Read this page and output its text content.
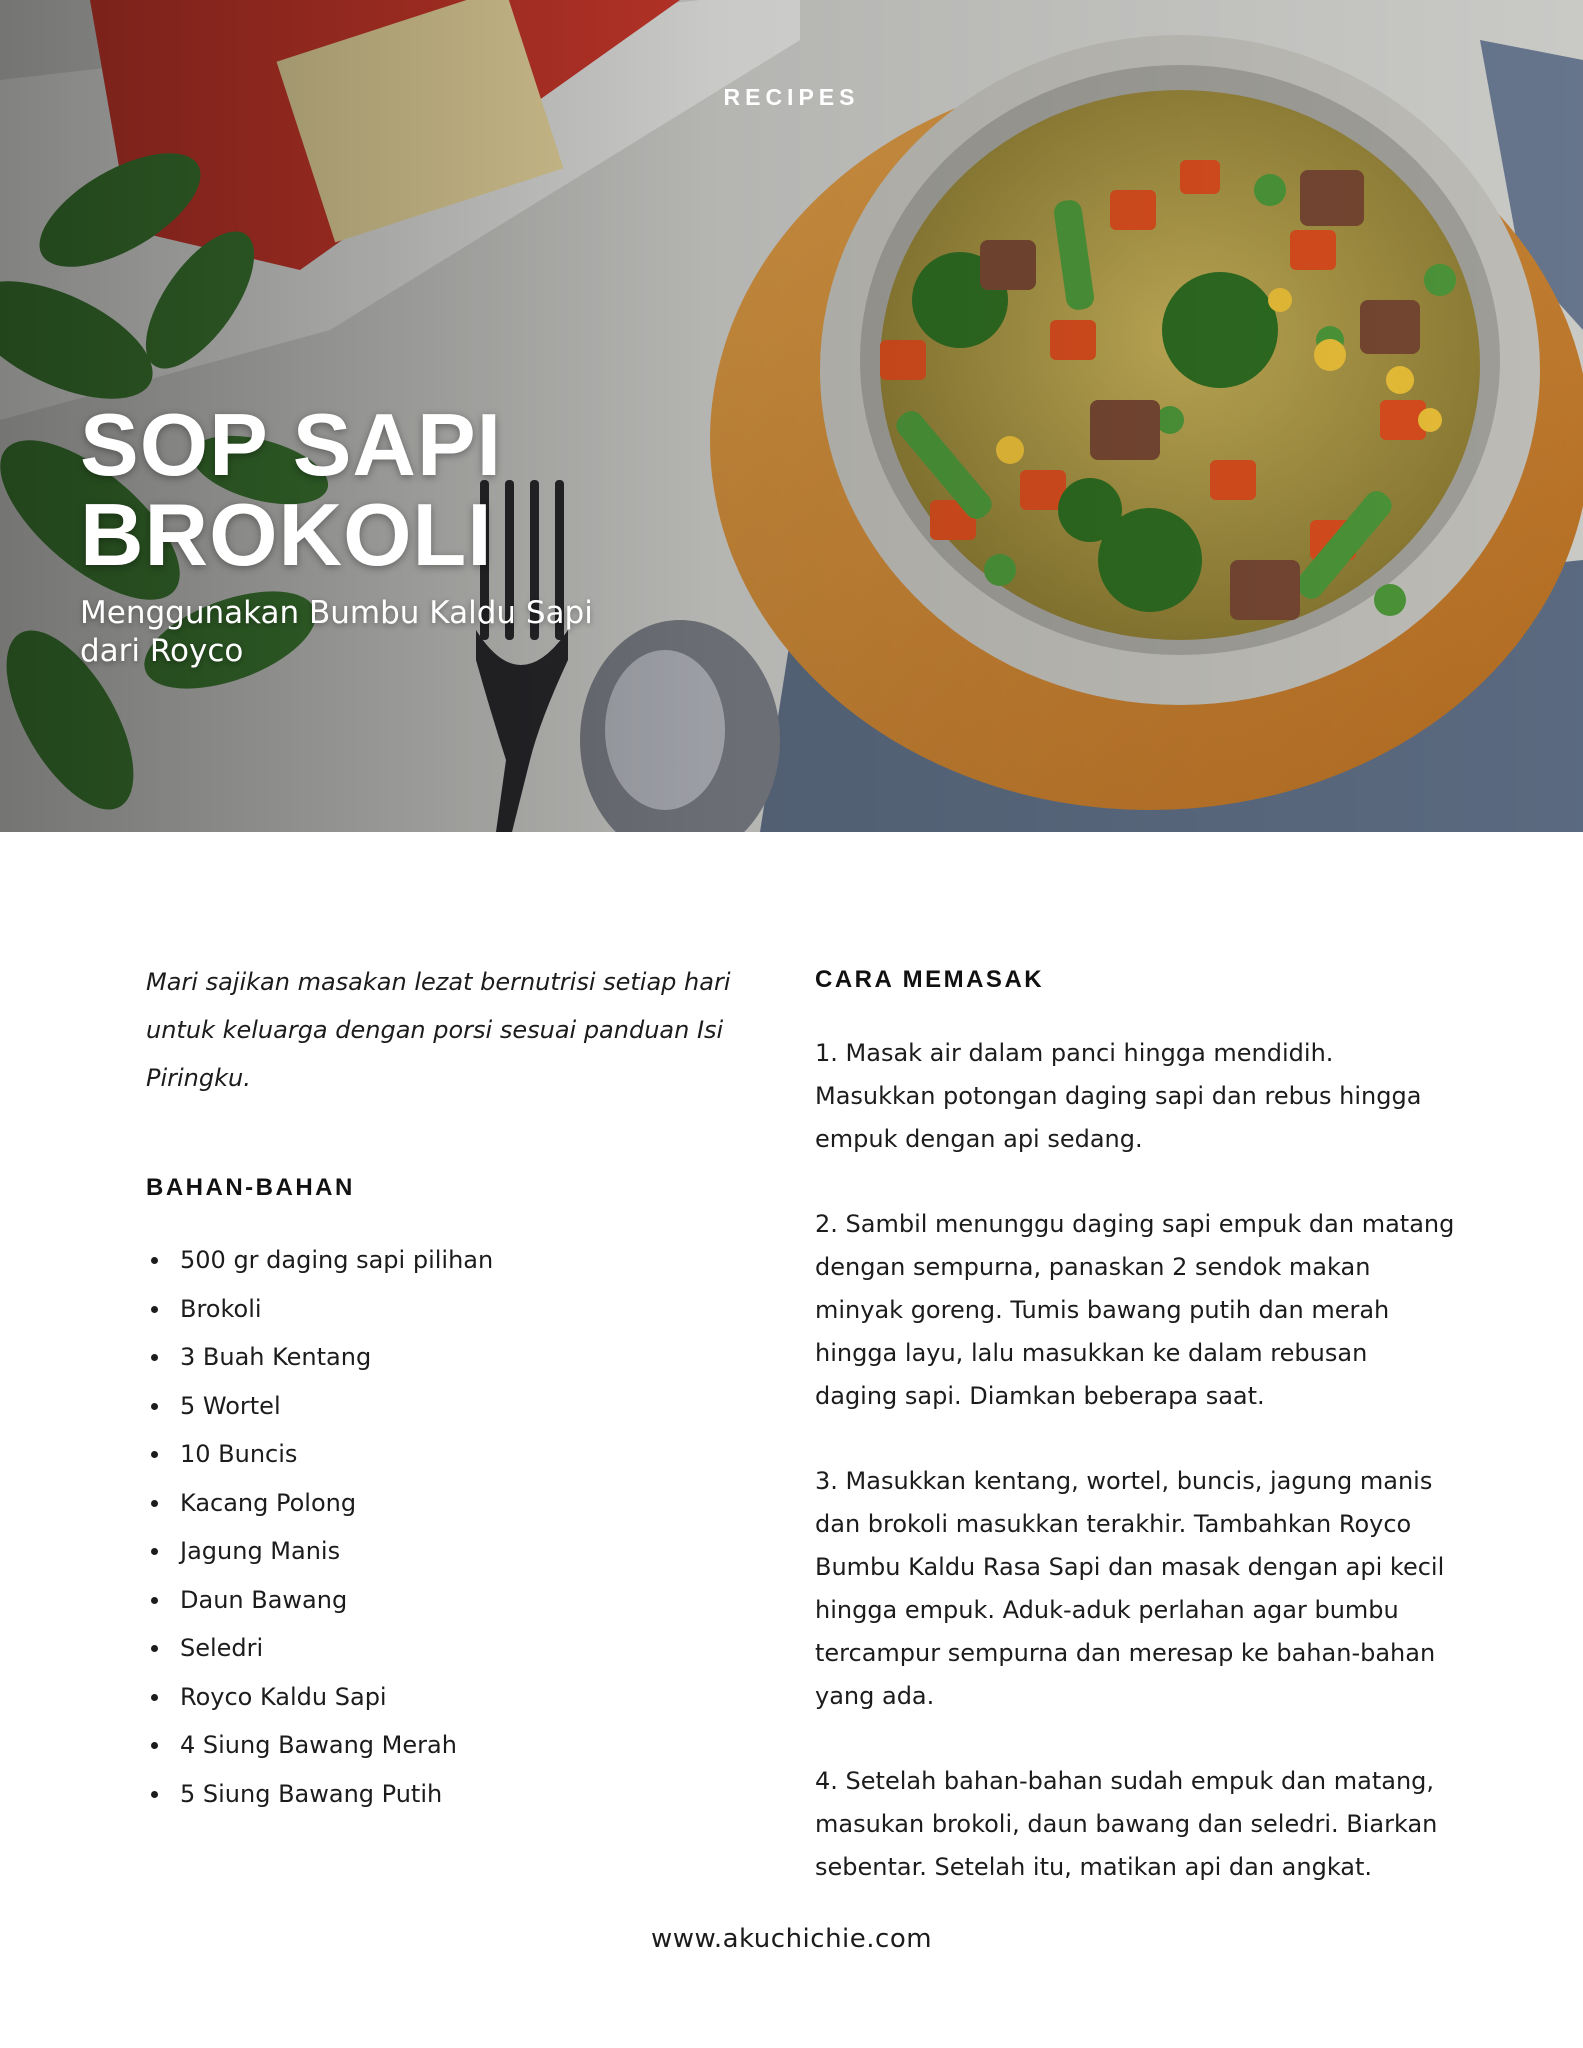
RECIPES
SOP SAPI
BROKOLI

Menggunakan Bumbu Kaldu Sapi dari Royco

Mari sajikan masakan lezat bernutrisi setiap hari untuk keluarga dengan porsi sesuai panduan Isi Piringku.

BAHAN-BAHAN
500 gr daging sapi pilihan
Brokoli
3 Buah Kentang
5 Wortel
10 Buncis
Kacang Polong
Jagung Manis
Daun Bawang
Seledri
Royco Kaldu Sapi
4 Siung Bawang Merah
5 Siung Bawang Putih
CARA MEMASAK

1. Masak air dalam panci hingga mendidih. Masukkan potongan daging sapi dan rebus hingga empuk dengan api sedang.

2. Sambil menunggu daging sapi empuk dan matang dengan sempurna, panaskan 2 sendok makan minyak goreng. Tumis bawang putih dan merah hingga layu, lalu masukkan ke dalam rebusan daging sapi. Diamkan beberapa saat.

3. Masukkan kentang, wortel, buncis, jagung manis dan brokoli masukkan terakhir. Tambahkan Royco Bumbu Kaldu Rasa Sapi dan masak dengan api kecil hingga empuk. Aduk-aduk perlahan agar bumbu tercampur sempurna dan meresap ke bahan-bahan yang ada.

4. Setelah bahan-bahan sudah empuk dan matang, masukan brokoli, daun bawang dan seledri. Biarkan sebentar. Setelah itu, matikan api dan angkat.

www.akuchichie.com
